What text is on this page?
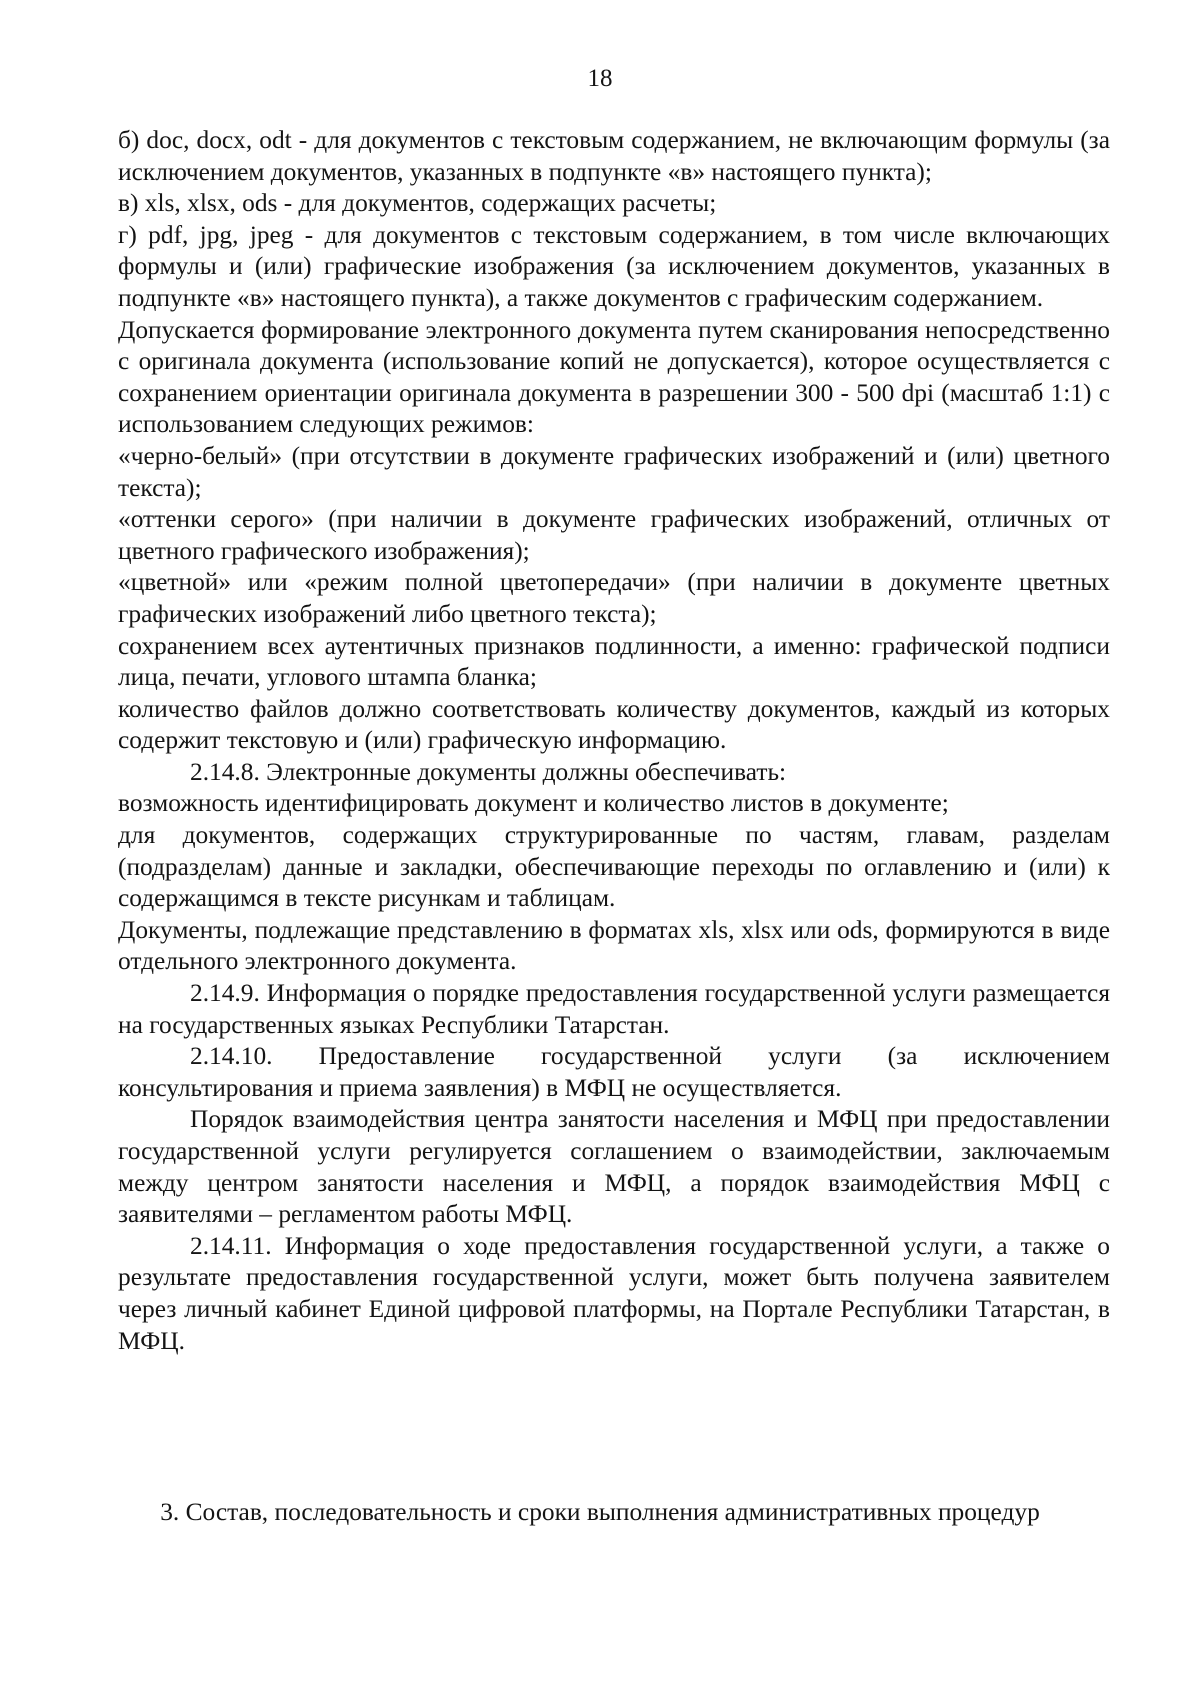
18

б) doc, docx, odt - для документов с текстовым содержанием, не включающим формулы (за исключением документов, указанных в подпункте «в» настоящего пункта);

в) xls, xlsx, ods - для документов, содержащих расчеты;

г) pdf, jpg, jpeg - для документов с текстовым содержанием, в том числе включающих формулы и (или) графические изображения (за исключением документов, указанных в подпункте «в» настоящего пункта), а также документов с графическим содержанием.

Допускается формирование электронного документа путем сканирования непосредственно с оригинала документа (использование копий не допускается), которое осуществляется с сохранением ориентации оригинала документа в разрешении 300 - 500 dpi (масштаб 1:1) с использованием следующих режимов:

«черно-белый» (при отсутствии в документе графических изображений и (или) цветного текста);

«оттенки серого» (при наличии в документе графических изображений, отличных от цветного графического изображения);

«цветной» или «режим полной цветопередачи» (при наличии в документе цветных графических изображений либо цветного текста);

сохранением всех аутентичных признаков подлинности, а именно: графической подписи лица, печати, углового штампа бланка;

количество файлов должно соответствовать количеству документов, каждый из которых содержит текстовую и (или) графическую информацию.

2.14.8. Электронные документы должны обеспечивать:

возможность идентифицировать документ и количество листов в документе;

для документов, содержащих структурированные по частям, главам, разделам (подразделам) данные и закладки, обеспечивающие переходы по оглавлению и (или) к содержащимся в тексте рисункам и таблицам.

Документы, подлежащие представлению в форматах xls, xlsx или ods, формируются в виде отдельного электронного документа.

2.14.9. Информация о порядке предоставления государственной услуги размещается на государственных языках Республики Татарстан.

2.14.10. Предоставление государственной услуги (за исключением консультирования и приема заявления) в МФЦ не осуществляется.

Порядок взаимодействия центра занятости населения и МФЦ при предоставлении государственной услуги регулируется соглашением о взаимодействии, заключаемым между центром занятости населения и МФЦ, а порядок взаимодействия МФЦ с заявителями – регламентом работы МФЦ.

2.14.11. Информация о ходе предоставления государственной услуги, а также о результате предоставления государственной услуги, может быть получена заявителем через личный кабинет Единой цифровой платформы, на Портале Республики Татарстан, в МФЦ.

3. Состав, последовательность и сроки выполнения административных процедур
